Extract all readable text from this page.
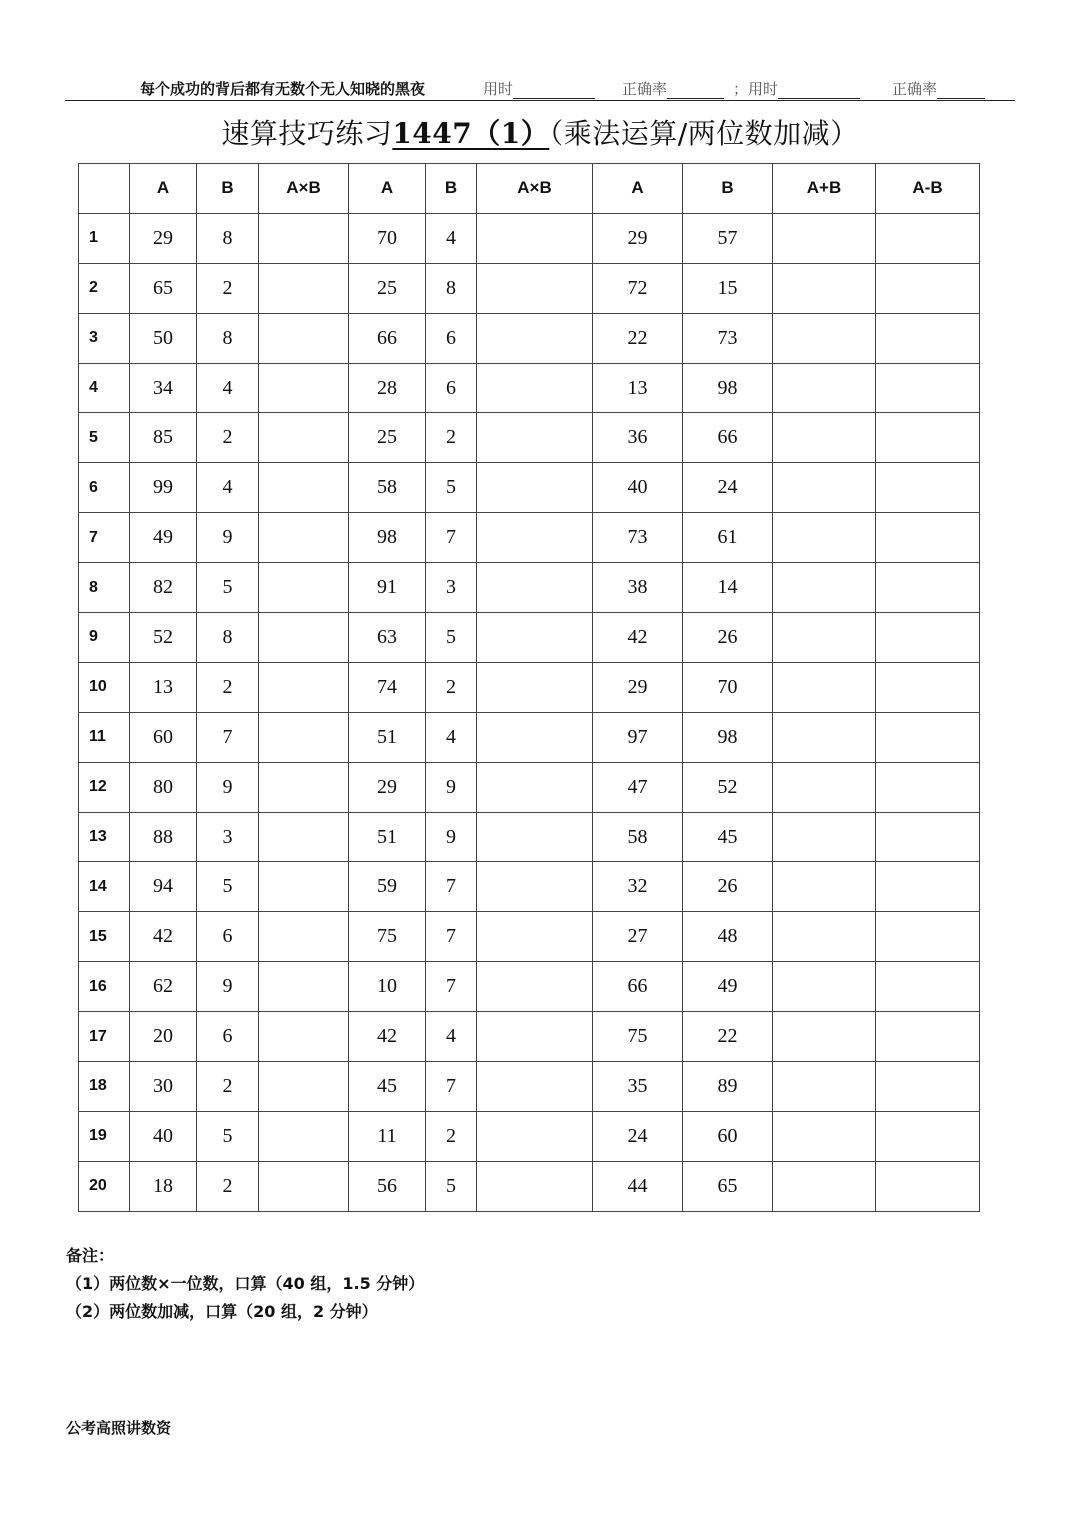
每个成功的背后都有无数个无人知晓的黑夜	用时	正确率	；用时	正确率
速算技巧练习1447（1）（乘法运算/两位数加减）
	A	B	A×B	A	B	A×B	A	B	A+B	A-B
1	29	8		70	4		29	57		
2	65	2		25	8		72	15		
3	50	8		66	6		22	73		
4	34	4		28	6		13	98		
5	85	2		25	2		36	66		
6	99	4		58	5		40	24		
7	49	9		98	7		73	61		
8	82	5		91	3		38	14		
9	52	8		63	5		42	26		
10	13	2		74	2		29	70		
11	60	7		51	4		97	98		
12	80	9		29	9		47	52		
13	88	3		51	9		58	45		
14	94	5		59	7		32	26		
15	42	6		75	7		27	48		
16	62	9		10	7		66	49		
17	20	6		42	4		75	22		
18	30	2		45	7		35	89		
19	40	5		11	2		24	60		
20	18	2		56	5		44	65		
备注：
（1）两位数×一位数，口算（40 组，1.5 分钟）
（2）两位数加减，口算（20 组，2 分钟）
公考高照讲数资
